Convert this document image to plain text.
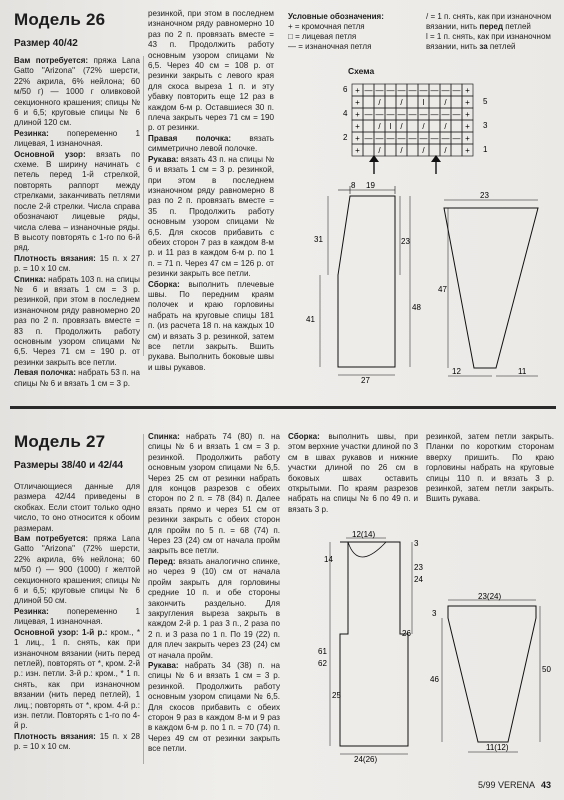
Модель 26
Размер 40/42

Вам потребуется: пряжа Lana Gatto "Arizona" (72% шерсти, 22% акрила, 6% нейлона; 60 м/50 г) — 1000 г оливковой секционного крашения; спицы № 6 и 6,5; круговые спицы № 6 длиной 120 см.

Резинка: попеременно 1 лицевая, 1 изнаночная.

Основной узор: вязать по схеме. В ширину начинать с петель перед 1-й стрелкой, повторять раппорт между стрелками, заканчивать петлями после 2-й стрелки. Числа справа обозначают лицевые ряды, числа слева – изнаночные ряды. В высоту повторять с 1-го по 6-й ряд.

Плотность вязания: 15 п. x 27 р. = 10 x 10 см.

Спинка: набрать 103 п. на спицы № 6 и вязать 1 см = 3 р. резинкой, при этом в последнем изнаночном ряду равномерно 20 раз по 2 п. провязать вместе = 83 п. Продолжить работу основным узором спицами № 6,5. Через 71 см = 190 р. от резинки закрыть все петли.

Левая полочка: набрать 53 п. на спицы № 6 и вязать 1 см = 3 р.

резинкой, при этом в последнем изнаночном ряду равномерно 10 раз по 2 п. провязать вместе = 43 п. Продолжить работу основным узором спицами № 6,5. Через 40 см = 108 р. от резинки закрыть с левого края для скоса выреза 1 п. и эту убавку повторить еще 12 раз в каждом 6-м р. Оставшиеся 30 п. плеча закрыть через 71 см = 190 р. от резинки.

Правая полочка: вязать симметрично левой полочке.

Рукава: вязать 43 п. на спицы № 6 и вязать 1 см = 3 р. резинкой, при этом в последнем изнаночном ряду равномерно 8 раз по 2 п. провязать вместе = 35 п. Продолжить работу основным узором спицами № 6,5. Для скосов прибавить с обеих сторон 7 раз в каждом 8-м р. и 11 раз в каждом 6-м р. по 1 п. = 71 п. Через 47 см = 126 р. от резинки закрыть все петли.

Сборка: выполнить плечевые швы. По передним краям полочек и краю горловины набрать на круговые спицы 181 п. (из расчета 18 п. на каждых 10 см) и вязать 3 р. резинкой, затем все петли закрыть. Вшить рукава. Выполнить боковые швы и швы рукавов.

Условные обозначения:
+ = кромочная петля
□ = лицевая петля
— = изнаночная петля
/ = 1 п. снять, как при изнаночном вязании, нить перед петлей
l = 1 п. снять, как при изнаночном вязании, нить за петлей
Схема
+ — — — — — — — — — +
+ / / l / +
+ — — — — — — — — — +
+ / l / / / +
+ — — — — — — — — — +
+ / / / / +
6
4
2
5
3
1
8 19
31
41
23
48
27
23
47
12	11
Модель 27
Размеры 38/40 и 42/44

Отличающиеся данные для размера 42/44 приведены в скобках. Если стоит только одно число, то оно относится к обоим размерам.

Вам потребуется: пряжа Lana Gatto "Arizona" (72% шерсти, 22% акрила, 6% нейлона; 60 м/50 г) — 900 (1000) г желтой секционного крашения; спицы № 6 и 6,5; круговые спицы № 6 длиной 50 см.

Резинка: попеременно 1 лицевая, 1 изнаночная.

Основной узор: 1-й р.: кром., * 1 лиц., 1 п. снять, как при изнаночном вязании (нить перед петлей), повторять от *, кром. 2-й р.: изн. петли. 3-й р.: кром., * 1 п. снять, как при изнаночном вязании (нить перед петлей), 1 лиц.; повторять от *, кром. 4-й р.: изн. петли. Повторять с 1-го по 4-й р.

Плотность вязания: 15 п. x 28 р. = 10 x 10 см.

Спинка: набрать 74 (80) п. на спицы № 6 и вязать 1 см = 3 р. резинкой. Продолжить работу основным узором спицами № 6,5. Через 25 см от резинки набрать для концов разрезов с обеих сторон по 2 п. = 78 (84) п. Далее вязать прямо и через 51 см от резинки закрыть с обеих сторон для пройм по 5 п. = 68 (74) п. Через 23 (24) см от начала пройм закрыть все петли.

Перед: вязать аналогично спинке, но через 9 (10) см от начала пройм закрыть для горловины средние 10 п. и обе стороны закончить раздельно. Для закругления выреза закрыть в каждом 2-й р. 1 раз 3 п., 2 раза по 2 п. и 3 раза по 1 п. По 19 (22) п. для плеч закрыть через 23 (24) см от начала пройм.

Рукава: набрать 34 (38) п. на спицы № 6 и вязать 1 см = 3 р. резинкой. Продолжить работу основным узором спицами № 6,5. Для скосов прибавить с обеих сторон 9 раз в каждом 8-м и 9 раз в каждом 6-м р. по 1 п. = 70 (74) п. Через 49 см от резинки закрыть все петли.

Сборка: выполнить швы, при этом верхние участки длиной по 3 см в швах рукавов и нижние участки длиной по 26 см в боковых швах оставить открытыми. По краям разрезов набрать на спицы № 6 по 49 п. и вязать 3 р.

резинкой, затем петли закрыть. Планки по коротким сторонам вверху пришить. По краю горловины набрать на круговые спицы 110 п. и вязать 3 р. резинкой, затем петли закрыть. Вшить рукава.

12(14)
3
23
24
14
61
62
26
25
24(26)
23(24)
3
46
50
11(12)
5/99 VERENA 43
